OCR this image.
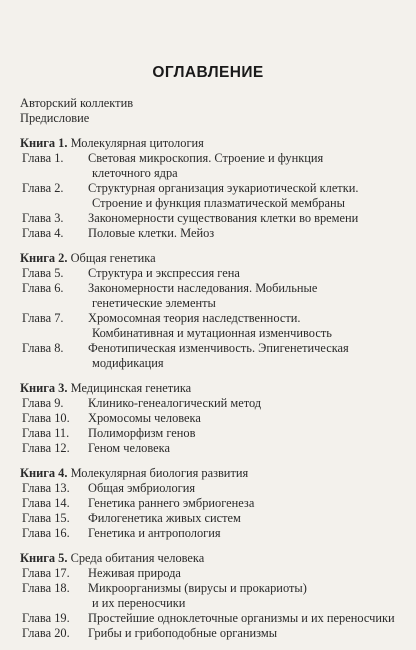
ОГЛАВЛЕНИЕ
Авторский коллектив
Предисловие
Книга 1. Молекулярная цитология
Глава 1.	Световая микроскопия. Строение и функция
клеточного ядра
Глава 2.	Структурная организация эукариотической клетки.
Строение и функция плазматической мембраны
Глава 3.	Закономерности существования клетки во времени
Глава 4.	Половые клетки. Мейоз
Книга 2. Общая генетика
Глава 5.	Структура и экспрессия гена
Глава 6.	Закономерности наследования. Мобильные
генетические элементы
Глава 7.	Хромосомная теория наследственности.
Комбинативная и мутационная изменчивость
Глава 8.	Фенотипическая изменчивость. Эпигенетическая
модификация
Книга 3. Медицинская генетика
Глава 9.	Клинико-генеалогический метод
Глава 10.	Хромосомы человека
Глава 11.	Полиморфизм генов
Глава 12.	Геном человека
Книга 4. Молекулярная биология развития
Глава 13.	Общая эмбриология
Глава 14.	Генетика раннего эмбриогенеза
Глава 15.	Филогенетика живых систем
Глава 16.	Генетика и антропология
Книга 5. Среда обитания человека
Глава 17.	Неживая природа
Глава 18.	Микроорганизмы (вирусы и прокариоты)
и их переносчики
Глава 19.	Простейшие одноклеточные организмы и их переносчики
Глава 20.	Грибы и грибоподобные организмы
